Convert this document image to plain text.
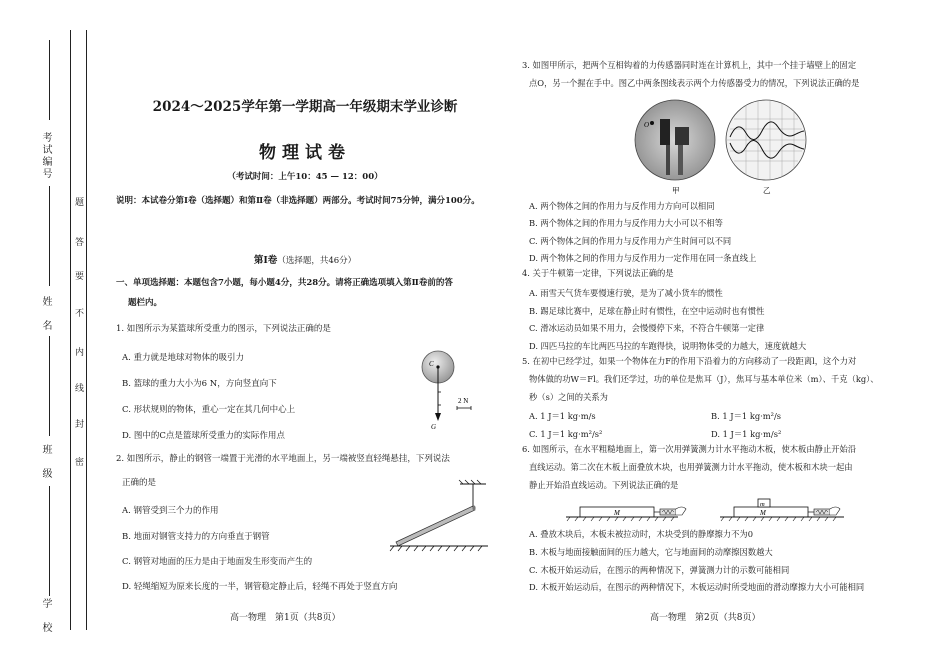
考试编号
姓　名
班　级
学　校
题
答
要
不
内
线
封
密
2024～2025学年第一学期高一年级期末学业诊断
物理试卷
（考试时间：上午10：45 — 12：00）
说明：本试卷分第Ⅰ卷（选择题）和第Ⅱ卷（非选择题）两部分。考试时间75分钟，满分100分。
第Ⅰ卷（选择题，共46分）
一、单项选择题：本题包含7小题，每小题4分，共28分。请将正确选项填入第Ⅱ卷前的答
题栏内。
1. 如图所示为某篮球所受重力的图示，下列说法正确的是
A. 重力就是地球对物体的吸引力
B. 篮球的重力大小为6 N，方向竖直向下
C. 形状规则的物体，重心一定在其几何中心上
D. 图中的C点是篮球所受重力的实际作用点
C
G
2 N
2. 如图所示，静止的钢管一端置于光滑的水平地面上，另一端被竖直轻绳悬挂，下列说法
正确的是
A. 钢管受到三个力的作用
B. 地面对钢管支持力的方向垂直于钢管
C. 钢管对地面的压力是由于地面发生形变而产生的
D. 轻绳缩短为原来长度的一半，钢管稳定静止后，轻绳不再处于竖直方向
高一物理　第1页（共8页）
3. 如图甲所示，把两个互相钩着的力传感器同时连在计算机上，其中一个挂于墙壁上的固定
点O，另一个握在手中。图乙中两条图线表示两个力传感器受力的情况，下列说法正确的是
O
甲	乙
A. 两个物体之间的作用力与反作用力方向可以相同
B. 两个物体之间的作用力与反作用力大小可以不相等
C. 两个物体之间的作用力与反作用力产生时间可以不同
D. 两个物体之间的作用力与反作用力一定作用在同一条直线上
4. 关于牛顿第一定律，下列说法正确的是
A. 雨雪天气货车要慢速行驶，是为了减小货车的惯性
B. 踢足球比赛中，足球在静止时有惯性，在空中运动时也有惯性
C. 滑冰运动员如果不用力，会慢慢停下来，不符合牛顿第一定律
D. 四匹马拉的车比两匹马拉的车跑得快，说明物体受的力越大，速度就越大
5. 在初中已经学过，如果一个物体在力F的作用下沿着力的方向移动了一段距离l，这个力对
物体做的功W＝Fl。我们还学过，功的单位是焦耳（J），焦耳与基本单位米（m）、千克（kg）、
秒（s）之间的关系为
A. 1 J＝1 kg·m/s	B. 1 J＝1 kg·m²/s
C. 1 J＝1 kg·m²/s²	D. 1 J＝1 kg·m/s²
6. 如图所示，在水平粗糙地面上，第一次用弹簧测力计水平拖动木板，使木板由静止开始沿
直线运动。第二次在木板上面叠放木块，也用弹簧测力计水平拖动，使木板和木块一起由
静止开始沿直线运动。下列说法正确的是
M
m
M
A. 叠放木块后，木板未被拉动时，木块受到的静摩擦力不为0
B. 木板与地面接触面间的压力越大，它与地面间的动摩擦因数越大
C. 木板开始运动后，在图示的两种情况下，弹簧测力计的示数可能相同
D. 木板开始运动后，在图示的两种情况下，木板运动时所受地面的滑动摩擦力大小可能相同
高一物理　第2页（共8页）
